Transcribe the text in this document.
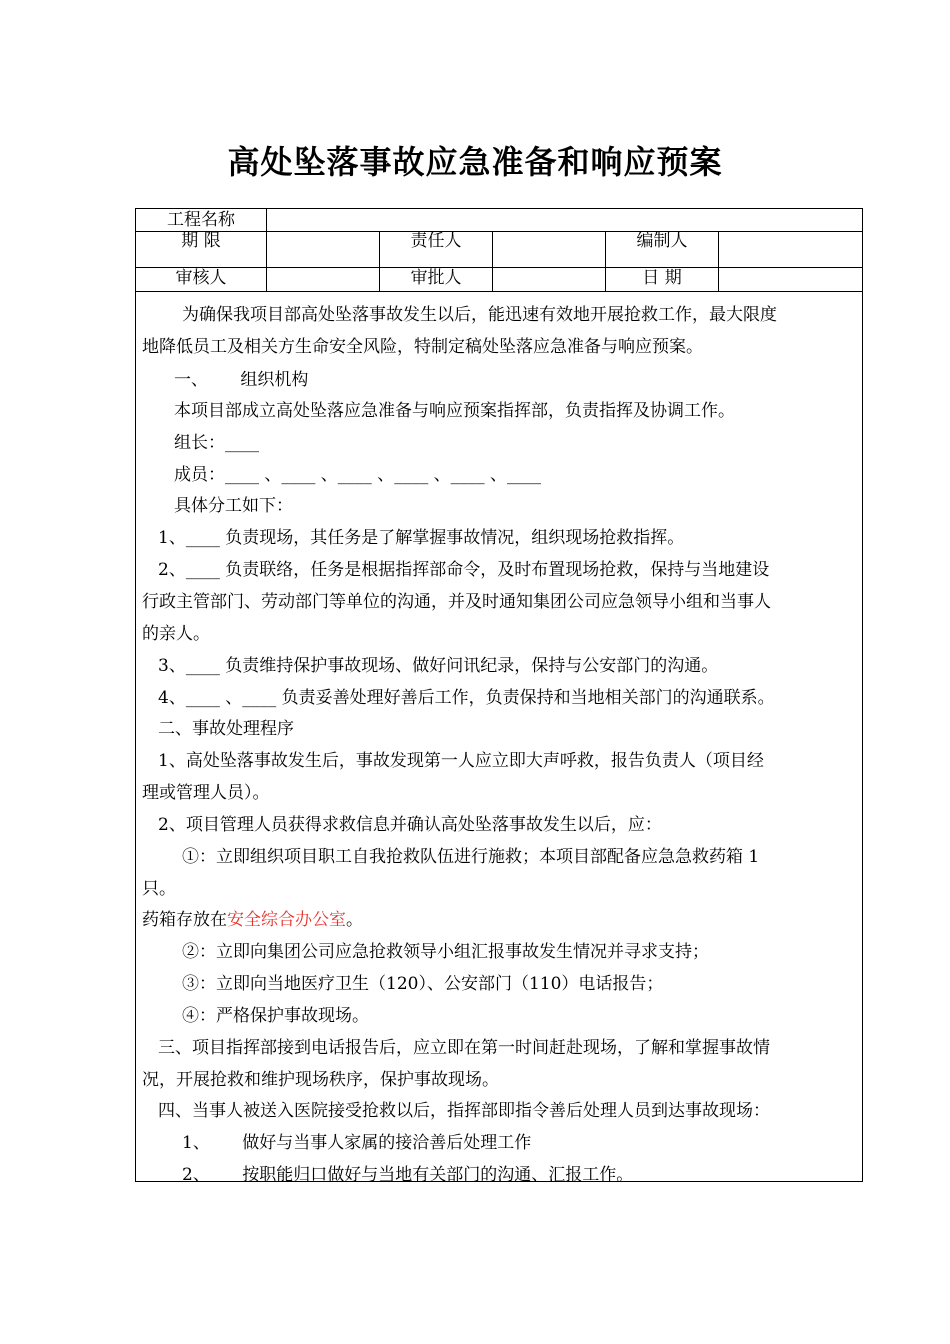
高处坠落事故应急准备和响应预案
工程名称
期 限	责任人	编制人
审核人	审批人	日 期
为确保我项目部高处坠落事故发生以后，能迅速有效地开展抢救工作，最大限度
地降低员工及相关方生命安全风险，特制定稿处坠落应急准备与响应预案。
一、      组织机构
本项目部成立高处坠落应急准备与响应预案指挥部，负责指挥及协调工作。
组长：____
成员：____ 、____ 、____ 、____ 、____ 、____
具体分工如下：
1、____ 负责现场，其任务是了解掌握事故情况，组织现场抢救指挥。
2、____ 负责联络，任务是根据指挥部命令，及时布置现场抢救，保持与当地建设
行政主管部门、劳动部门等单位的沟通，并及时通知集团公司应急领导小组和当事人
的亲人。
3、____ 负责维持保护事故现场、做好问讯纪录，保持与公安部门的沟通。
4、____ 、____ 负责妥善处理好善后工作，负责保持和当地相关部门的沟通联系。
二、事故处理程序
1、高处坠落事故发生后，事故发现第一人应立即大声呼救，报告负责人（项目经
理或管理人员）。
2、项目管理人员获得求救信息并确认高处坠落事故发生以后，应：
①：立即组织项目职工自我抢救队伍进行施救；本项目部配备应急急救药箱 1
只。
药箱存放在安全综合办公室。
②：立即向集团公司应急抢救领导小组汇报事故发生情况并寻求支持；
③：立即向当地医疗卫生（120）、公安部门（110）电话报告；
④：严格保护事故现场。
三、项目指挥部接到电话报告后，应立即在第一时间赶赴现场，了解和掌握事故情
况，开展抢救和维护现场秩序，保护事故现场。
四、当事人被送入医院接受抢救以后，指挥部即指令善后处理人员到达事故现场：
1、      做好与当事人家属的接洽善后处理工作
2、      按职能归口做好与当地有关部门的沟通、汇报工作。
